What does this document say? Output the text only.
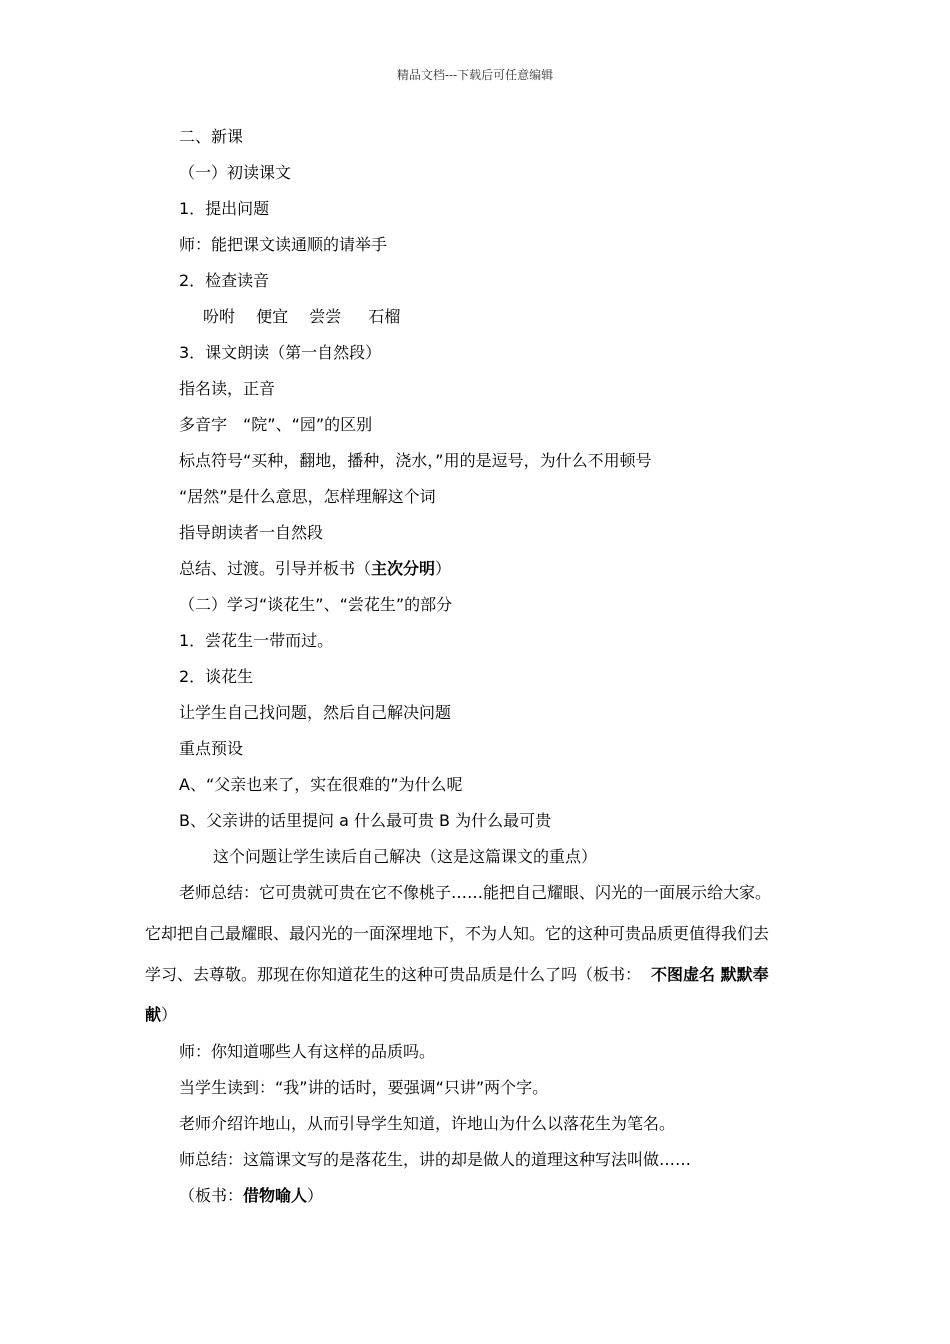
精品文档---下载后可任意编辑
二、新课
（一）初读课文
1．提出问题
师：能把课文读通顺的请举手
2．检查读音
吩咐 便宜 尝尝 石榴
3．课文朗读（第一自然段）
指名读，正音
多音字　“院”、“园”的区别
标点符号“买种，翻地，播种，浇水，”用的是逗号，为什么不用顿号
“居然”是什么意思，怎样理解这个词
指导朗读者一自然段
总结、过渡。引导并板书（主次分明）
（二）学习“谈花生”、“尝花生”的部分
1．尝花生一带而过。
2．谈花生
让学生自己找问题，然后自己解决问题
重点预设
A、“父亲也来了，实在很难的”为什么呢
B、父亲讲的话里提问 a 什么最可贵 B 为什么最可贵
这个问题让学生读后自己解决（这是这篇课文的重点）
老师总结：它可贵就可贵在它不像桃子……能把自己耀眼、闪光的一面展示给大家。
它却把自己最耀眼、最闪光的一面深埋地下，不为人知。它的这种可贵品质更值得我们去
学习、去尊敬。那现在你知道花生的这种可贵品质是什么了吗（板书： 不图虚名 默默奉
献）
师：你知道哪些人有这样的品质吗。
当学生读到：“我”讲的话时，要强调“只讲”两个字。
老师介绍许地山，从而引导学生知道，许地山为什么以落花生为笔名。
师总结：这篇课文写的是落花生，讲的却是做人的道理这种写法叫做……
（板书：借物喻人）
